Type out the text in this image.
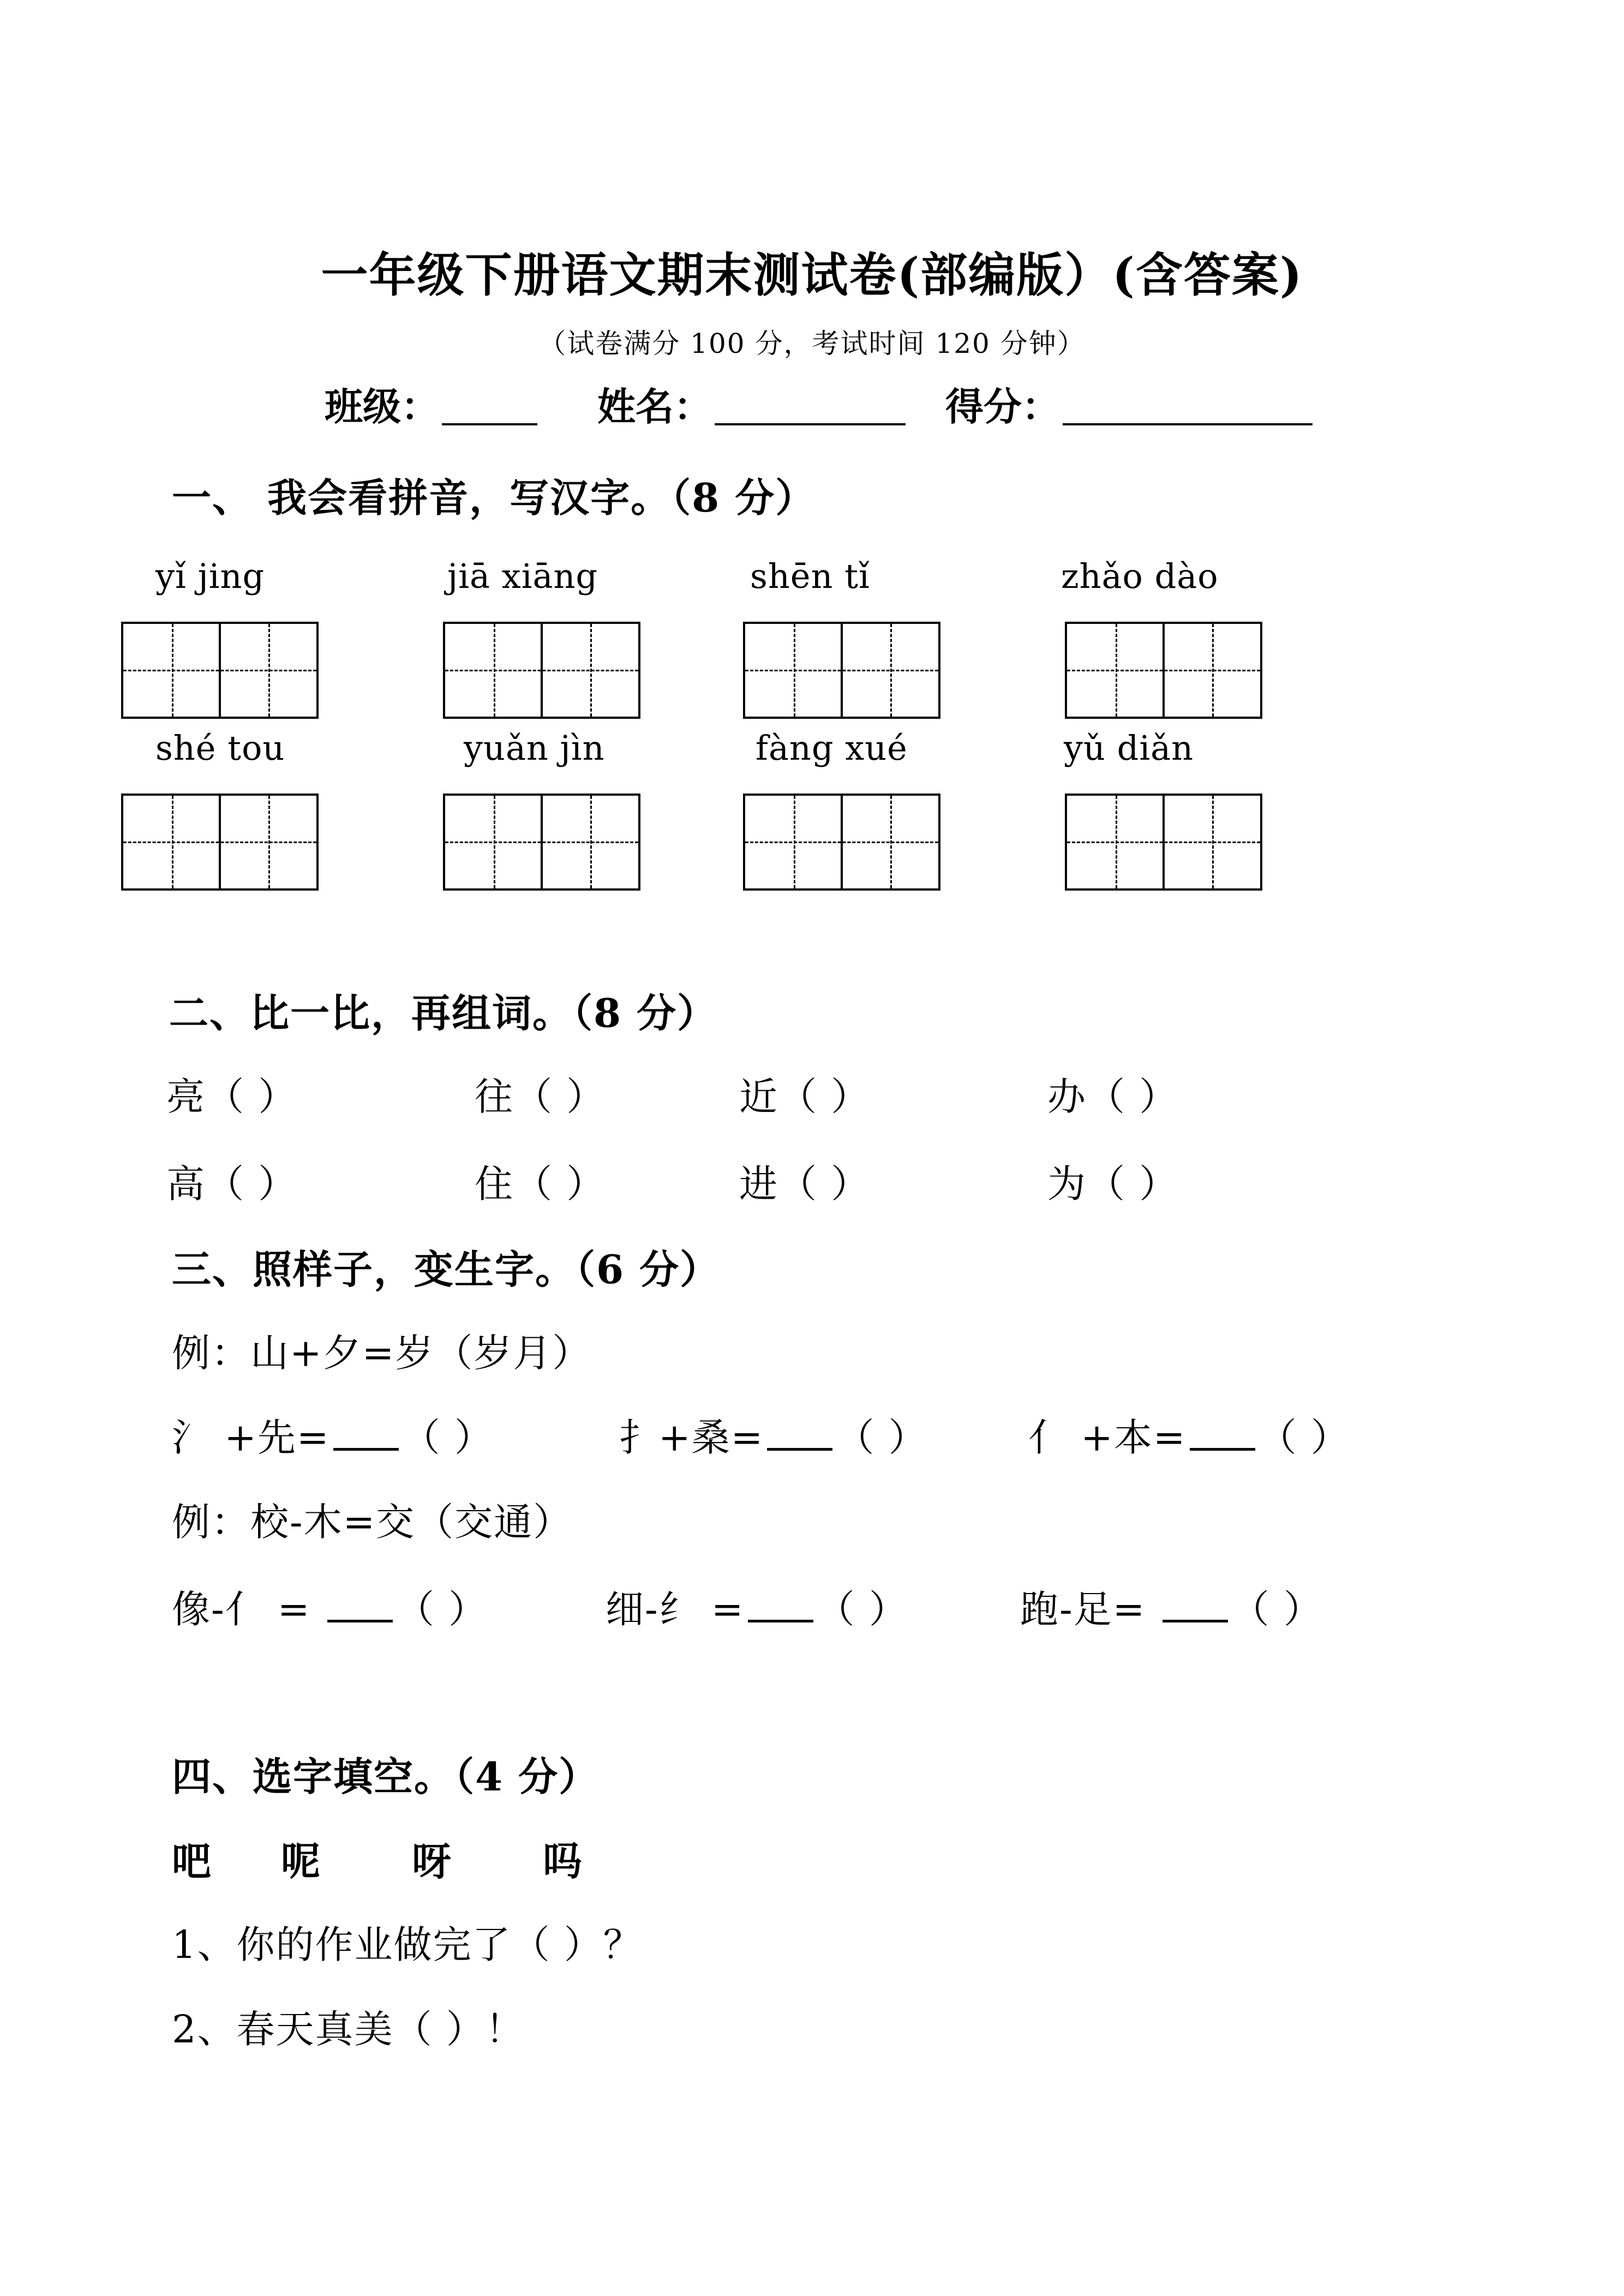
一年级下册语文期末测试卷(部编版）(含答案)
（试卷满分 100 分，考试时间 120 分钟）
班级：	姓名：	得分：
一、 我会看拼音，写汉字。（8 分）
yǐ jing	jiā xiāng	shēn tǐ	zhǎo dào
shé tou	yuǎn jìn	fàng xué	yǔ diǎn
二、比一比，再组词。（8 分）
亮（ ）	往（ ）	近（ ）	办（ ）
高（ ）	住（ ）	进（ ）	为（ ）
三、照样子，变生字。（6 分）
例：山+夕=岁（岁月）
氵 +先= （ ）	扌+桑= （ ）	亻 +本= （ ）
例：校-木=交（交通）
像-亻 = （ ）	细-纟 = （ ）	跑-足= （ ）
四、选字填空。（4 分）
吧 呢 呀 吗
1、你的作业做完了（ ）？
2、春天真美（ ）！
